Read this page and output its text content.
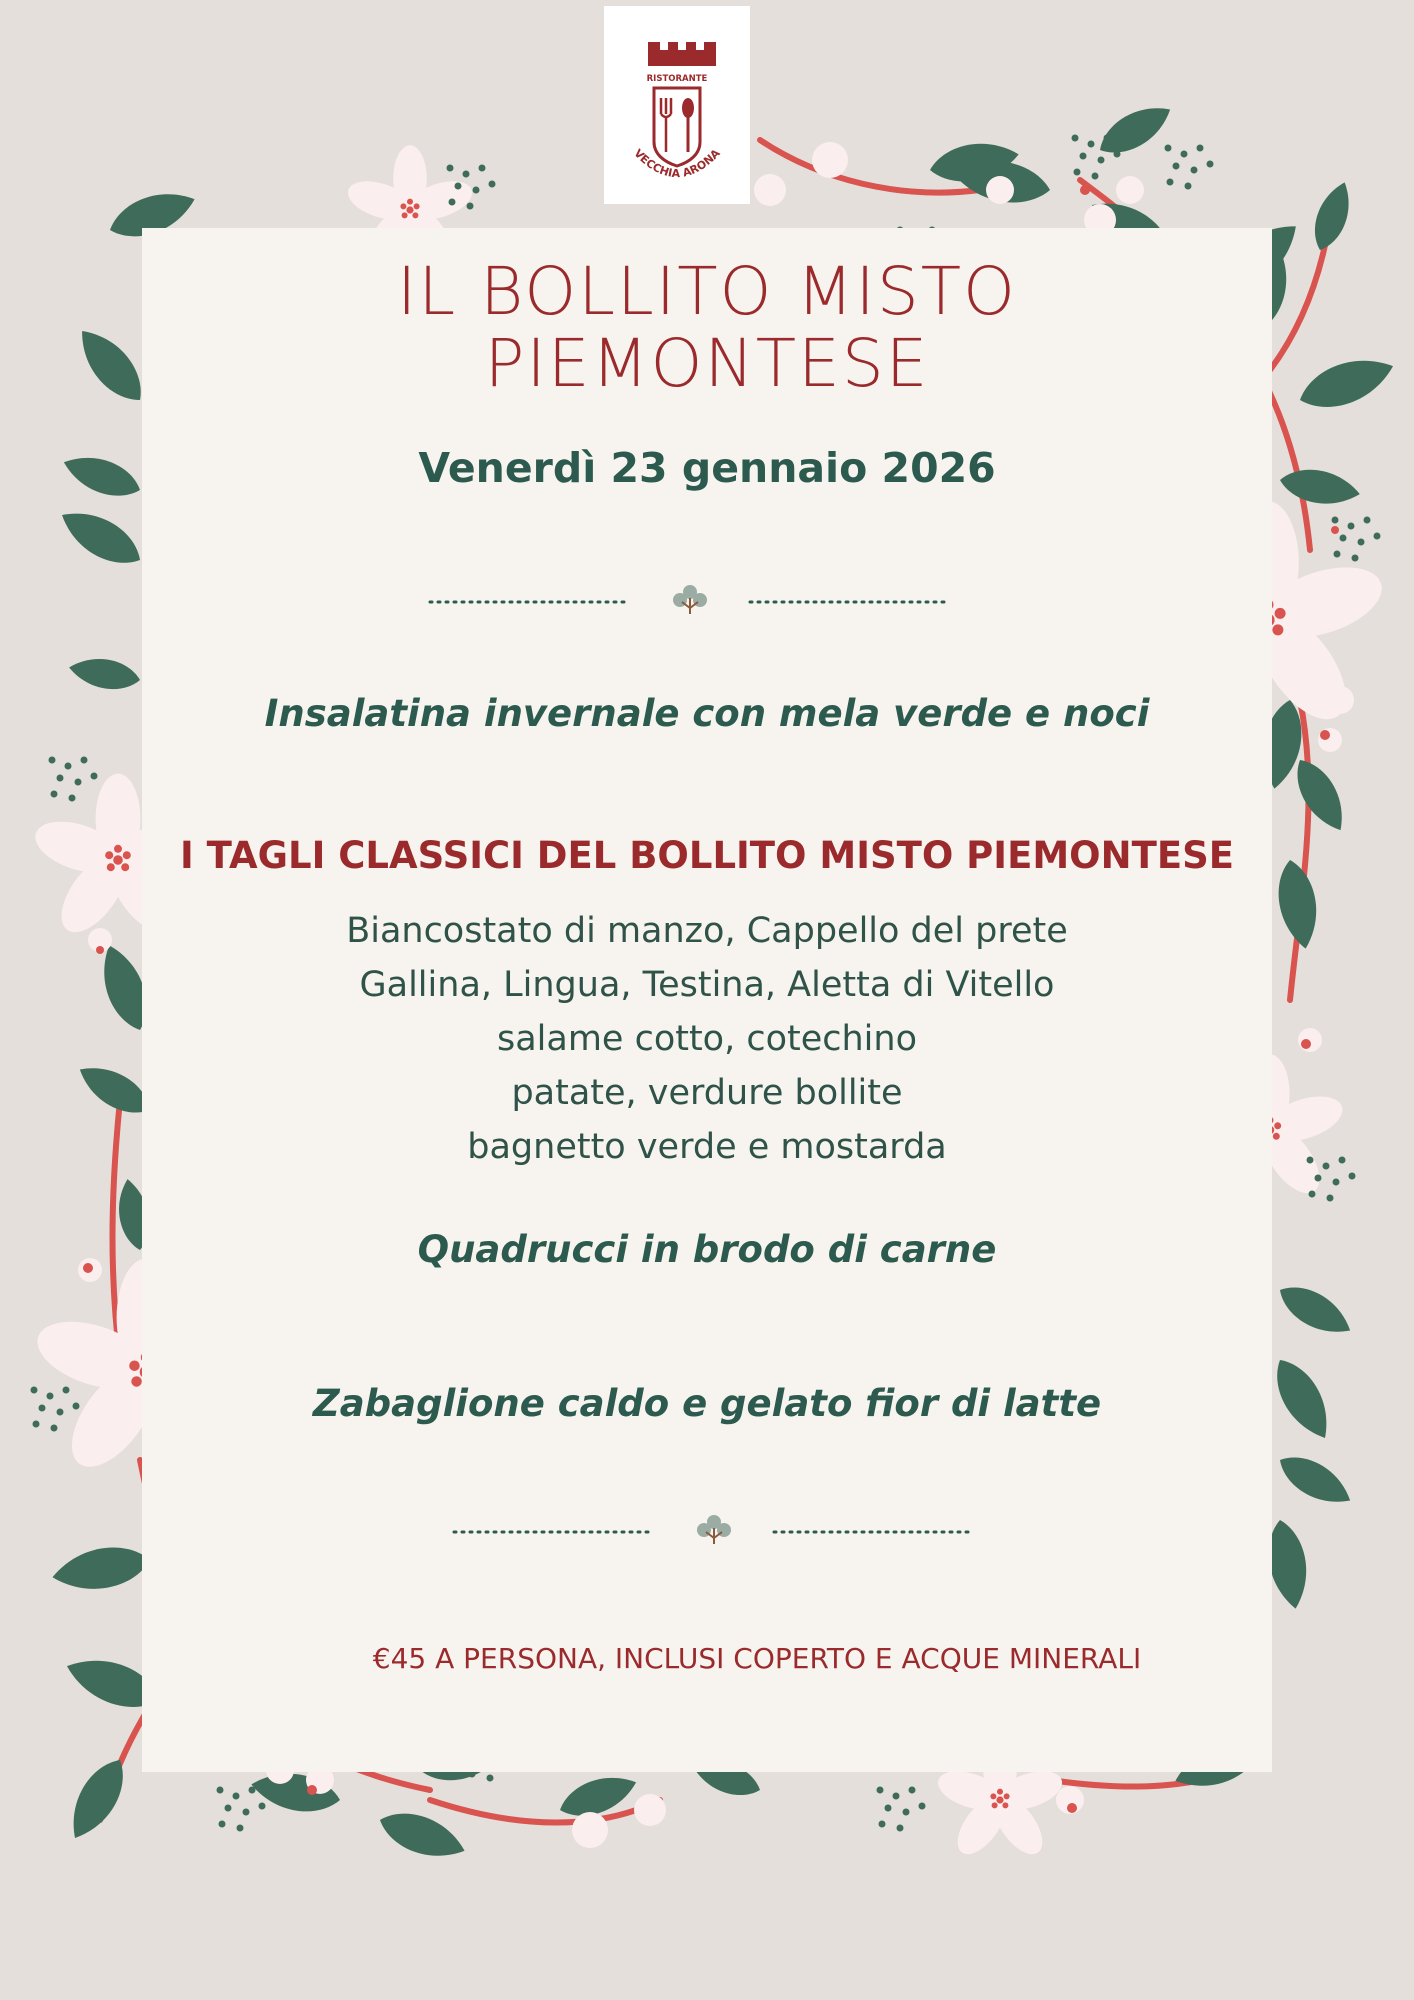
RISTORANTE
VECCHIA ARONA
IL BOLLITO MISTO
PIEMONTESE
Venerdì 23 gennaio 2026
Insalatina invernale con mela verde e noci
I TAGLI CLASSICI DEL BOLLITO MISTO PIEMONTESE
Biancostato di manzo, Cappello del prete
Gallina, Lingua, Testina, Aletta di Vitello
salame cotto, cotechino
patate, verdure bollite
bagnetto verde e mostarda
Quadrucci in brodo di carne
Zabaglione caldo e gelato fior di latte
€45 A PERSONA, INCLUSI COPERTO E ACQUE MINERALI
